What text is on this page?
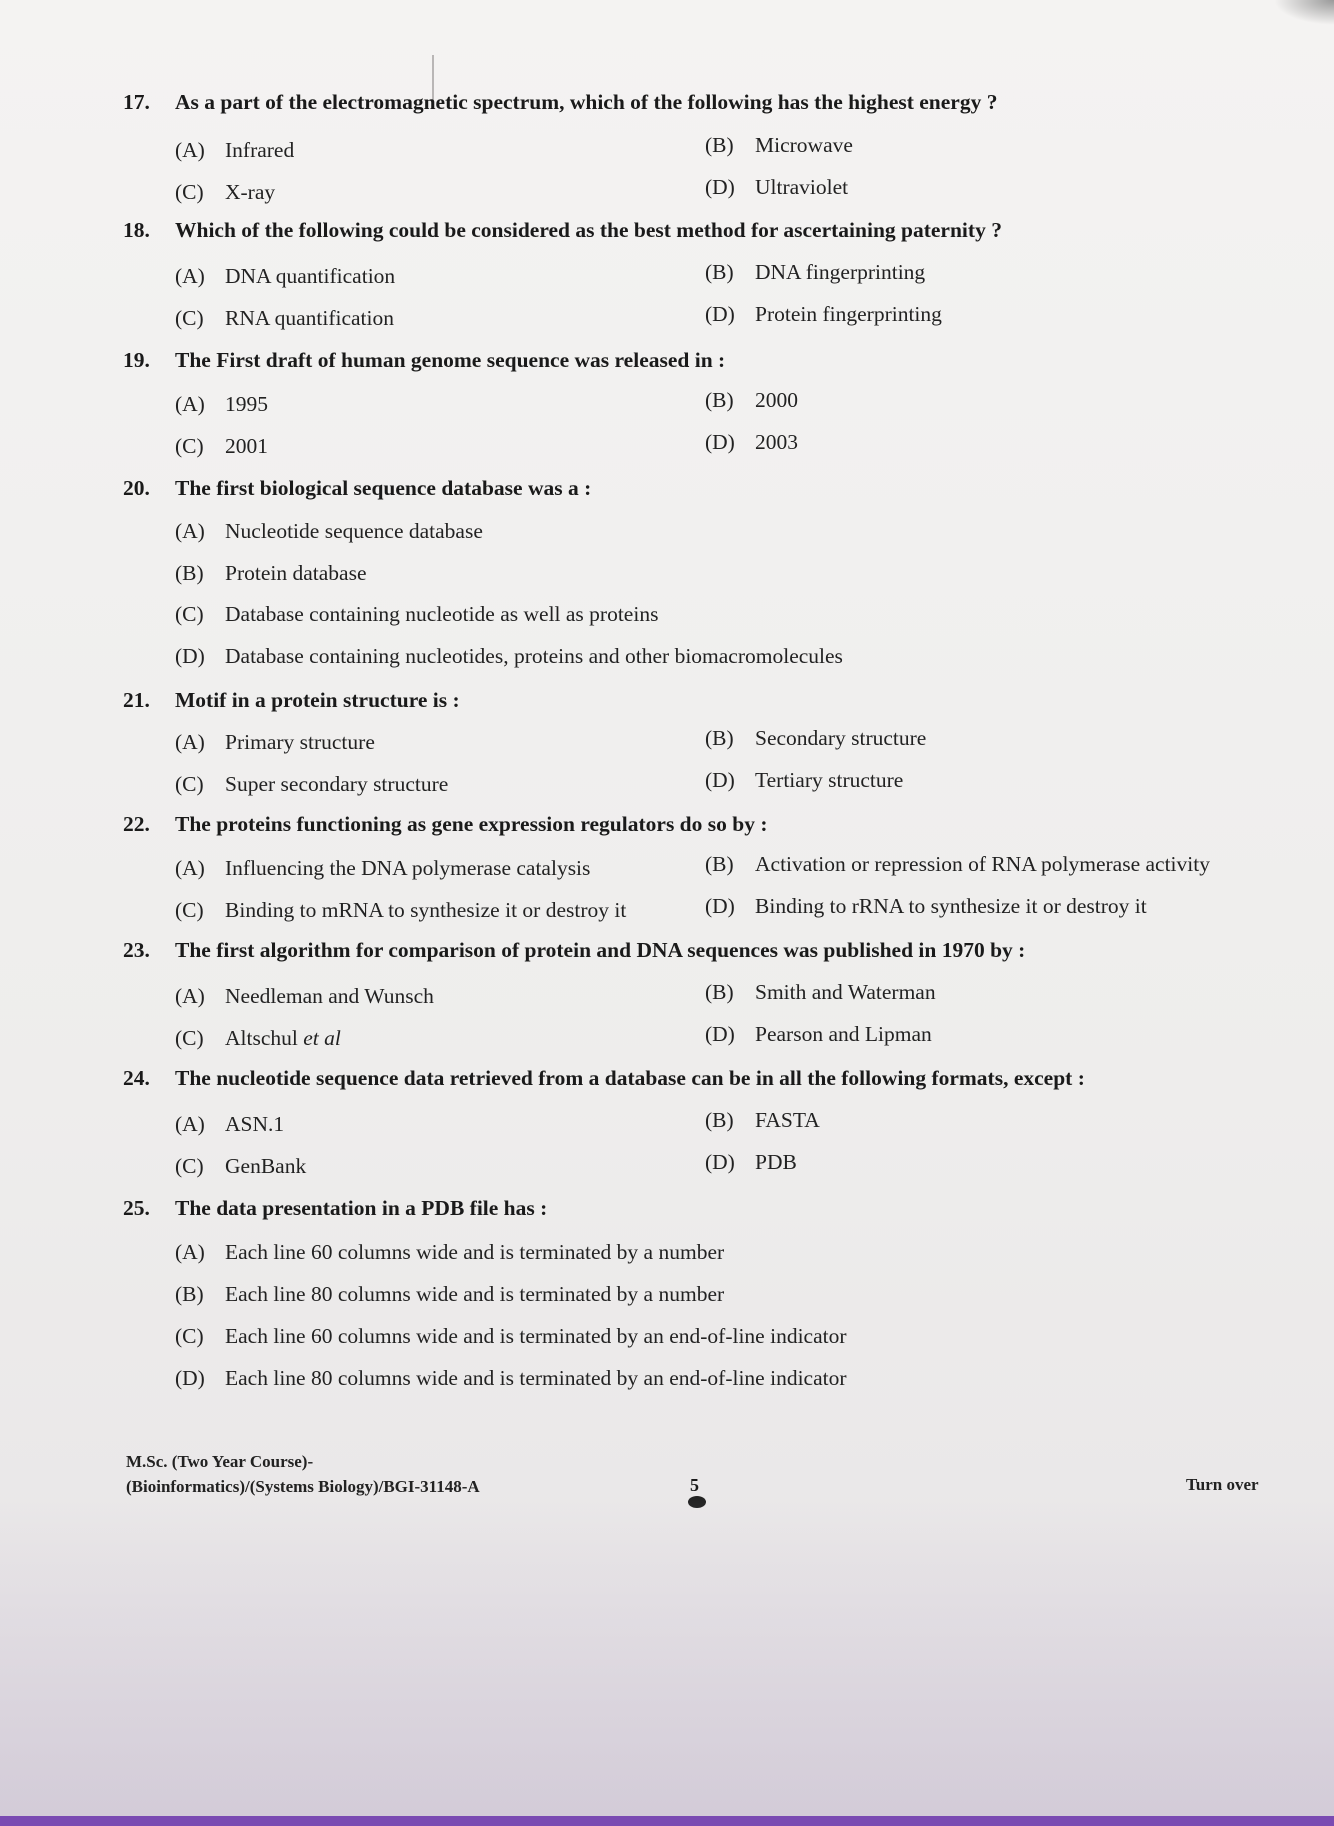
17. As a part of the electromagnetic spectrum, which of the following has the highest energy ?
(A) Infrared	(B) Microwave
(C) X-ray	(D) Ultraviolet
18. Which of the following could be considered as the best method for ascertaining paternity ?
(A) DNA quantification	(B) DNA fingerprinting
(C) RNA quantification	(D) Protein fingerprinting
19. The First draft of human genome sequence was released in :
(A) 1995	(B) 2000
(C) 2001	(D) 2003
20. The first biological sequence database was a :
(A) Nucleotide sequence database
(B) Protein database
(C) Database containing nucleotide as well as proteins
(D) Database containing nucleotides, proteins and other biomacromolecules
21. Motif in a protein structure is :
(A) Primary structure	(B) Secondary structure
(C) Super secondary structure	(D) Tertiary structure
22. The proteins functioning as gene expression regulators do so by :
(A) Influencing the DNA polymerase catalysis	(B) Activation or repression of RNA polymerase activity
(C) Binding to mRNA to synthesize it or destroy it	(D) Binding to rRNA to synthesize it or destroy it
23. The first algorithm for comparison of protein and DNA sequences was published in 1970 by :
(A) Needleman and Wunsch	(B) Smith and Waterman
(C) Altschul et al	(D) Pearson and Lipman
24. The nucleotide sequence data retrieved from a database can be in all the following formats, except :
(A) ASN.1	(B) FASTA
(C) GenBank	(D) PDB
25. The data presentation in a PDB file has :
(A) Each line 60 columns wide and is terminated by a number
(B) Each line 80 columns wide and is terminated by a number
(C) Each line 60 columns wide and is terminated by an end-of-line indicator
(D) Each line 80 columns wide and is terminated by an end-of-line indicator
M.Sc. (Two Year Course)-
(Bioinformatics)/(Systems Biology)/BGI-31148-A	5	Turn over
